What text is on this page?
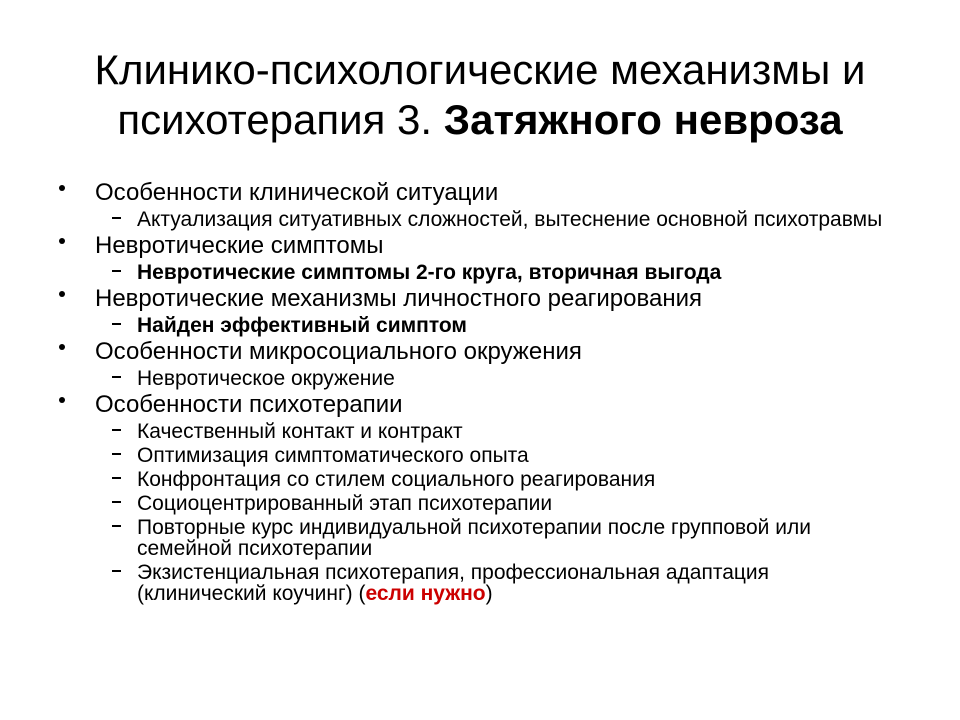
Клинико-психологические механизмы и
психотерапия 3. Затяжного невроза
Особенности клинической ситуации
Актуализация ситуативных сложностей, вытеснение основной психотравмы
Невротические симптомы
Невротические симптомы 2-го круга, вторичная выгода
Невротические механизмы личностного реагирования
Найден эффективный симптом
Особенности микросоциального окружения
Невротическое окружение
Особенности психотерапии
Качественный контакт и контракт
Оптимизация симптоматического опыта
Конфронтация со стилем социального реагирования
Социоцентрированный этап психотерапии
Повторные курс индивидуальной психотерапии после групповой или
семейной психотерапии
Экзистенциальная психотерапия, профессиональная адаптация
(клинический коучинг) (если нужно)
